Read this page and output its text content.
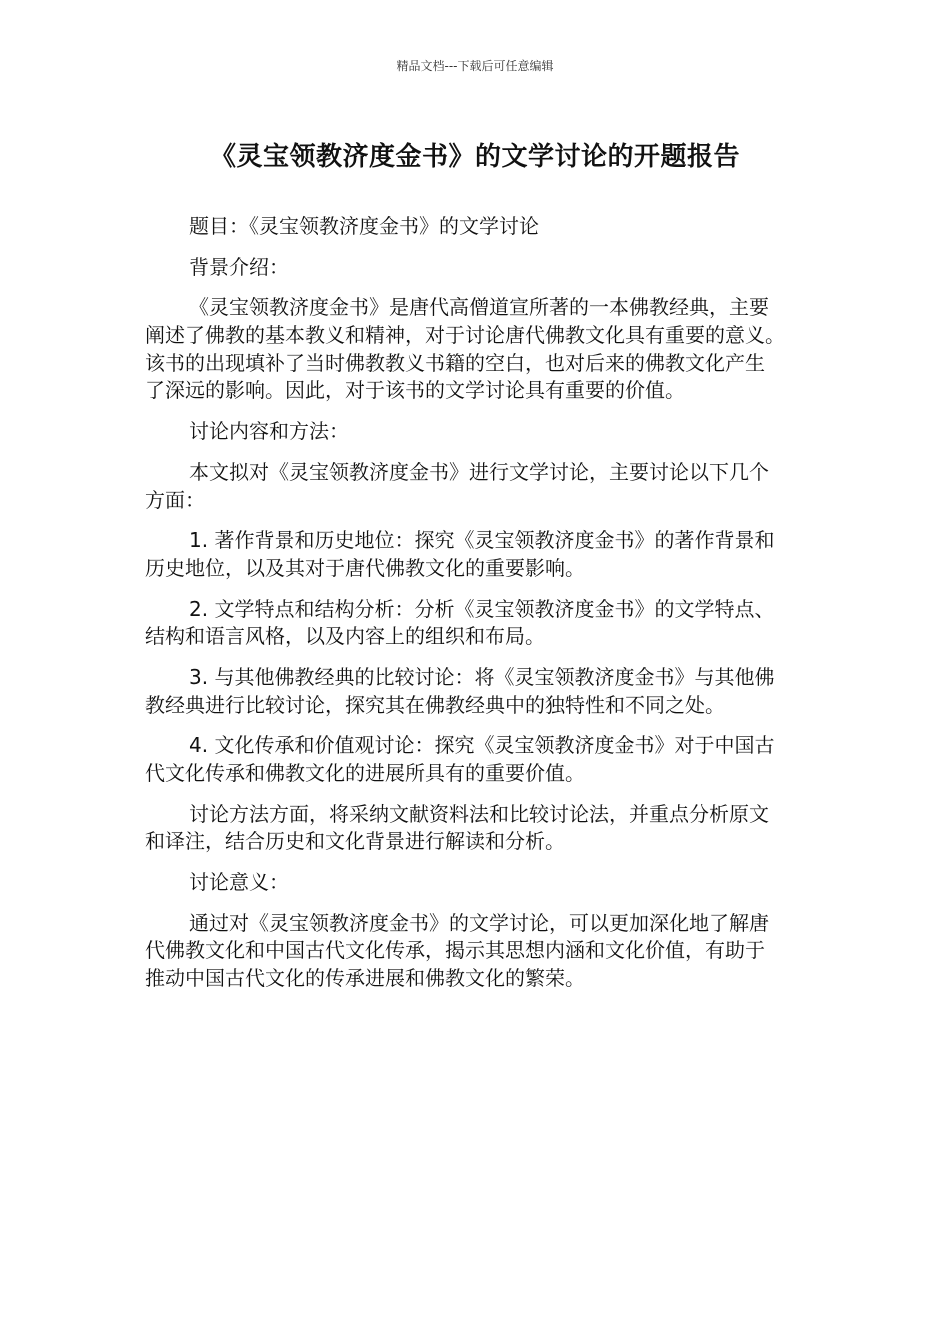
精品文档---下载后可任意编辑
《灵宝领教济度金书》的文学讨论的开题报告
题目：《灵宝领教济度金书》的文学讨论
背景介绍：
《灵宝领教济度金书》是唐代高僧道宣所著的一本佛教经典，主要
阐述了佛教的基本教义和精神，对于讨论唐代佛教文化具有重要的意义。
该书的出现填补了当时佛教教义书籍的空白，也对后来的佛教文化产生
了深远的影响。因此，对于该书的文学讨论具有重要的价值。
讨论内容和方法：
本文拟对《灵宝领教济度金书》进行文学讨论，主要讨论以下几个
方面：
1. 著作背景和历史地位：探究《灵宝领教济度金书》的著作背景和
历史地位，以及其对于唐代佛教文化的重要影响。
2. 文学特点和结构分析：分析《灵宝领教济度金书》的文学特点、
结构和语言风格，以及内容上的组织和布局。
3. 与其他佛教经典的比较讨论：将《灵宝领教济度金书》与其他佛
教经典进行比较讨论，探究其在佛教经典中的独特性和不同之处。
4. 文化传承和价值观讨论：探究《灵宝领教济度金书》对于中国古
代文化传承和佛教文化的进展所具有的重要价值。
讨论方法方面，将采纳文献资料法和比较讨论法，并重点分析原文
和译注，结合历史和文化背景进行解读和分析。
讨论意义：
通过对《灵宝领教济度金书》的文学讨论，可以更加深化地了解唐
代佛教文化和中国古代文化传承，揭示其思想内涵和文化价值，有助于
推动中国古代文化的传承进展和佛教文化的繁荣。
